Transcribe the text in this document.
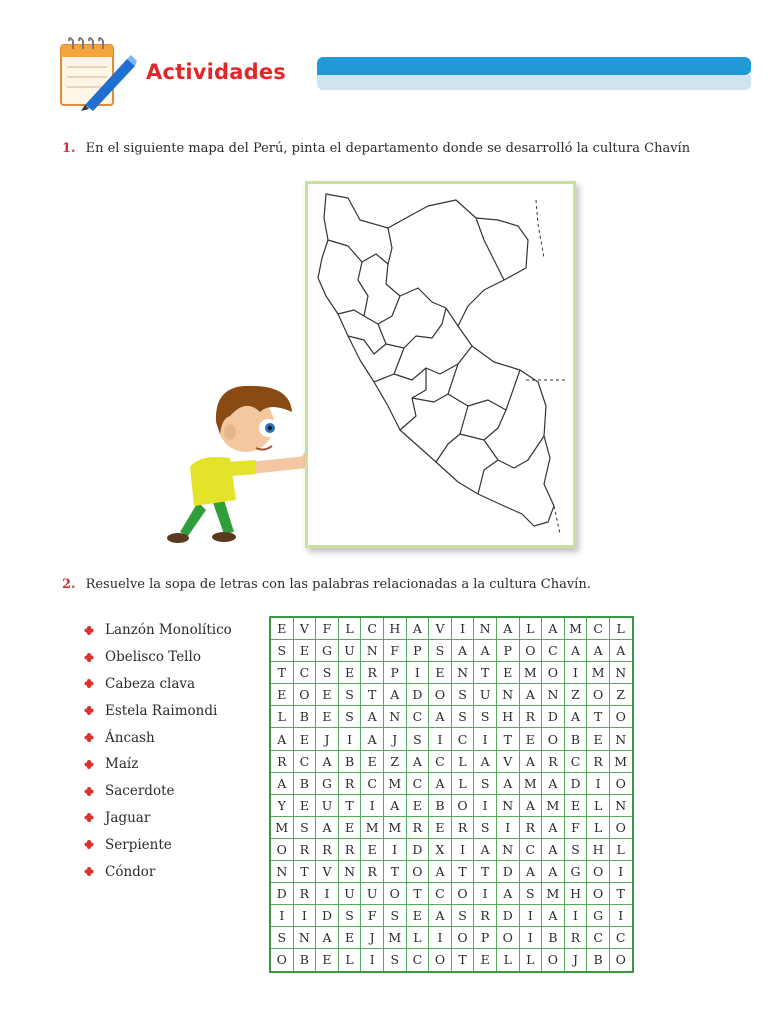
Actividades
1. En el siguiente mapa del Perú, pinta el departamento donde se desarrolló la cultura Chavín
2. Resuelve la sopa de letras con las palabras relacionadas a la cultura Chavín.
Lanzón Monolítico
Obelisco Tello
Cabeza clava
Estela Raimondi
Áncash
Maíz
Sacerdote
Jaguar
Serpiente
Cóndor
E	V	F	L	C	H	A	V	I	N	A	L	A	M	C	L
S	E	G	U	N	F	P	S	A	A	P	O	C	A	A	A
T	C	S	E	R	P	I	E	N	T	E	M	O	I	M	N
E	O	E	S	T	A	D	O	S	U	N	A	N	Z	O	Z
L	B	E	S	A	N	C	A	S	S	H	R	D	A	T	O
A	E	J	I	A	J	S	I	C	I	T	E	O	B	E	N
R	C	A	B	E	Z	A	C	L	A	V	A	R	C	R	M
A	B	G	R	C	M	C	A	L	S	A	M	A	D	I	O
Y	E	U	T	I	A	E	B	O	I	N	A	M	E	L	N
M	S	A	E	M	M	R	E	R	S	I	R	A	F	L	O
O	R	R	R	E	I	D	X	I	A	N	C	A	S	H	L
N	T	V	N	R	T	O	A	T	T	D	A	A	G	O	I
D	R	I	U	U	O	T	C	O	I	A	S	M	H	O	T
I	I	D	S	F	S	E	A	S	R	D	I	A	I	G	I
S	N	A	E	J	M	L	I	O	P	O	I	B	R	C	C
O	B	E	L	I	S	C	O	T	E	L	L	O	J	B	O
